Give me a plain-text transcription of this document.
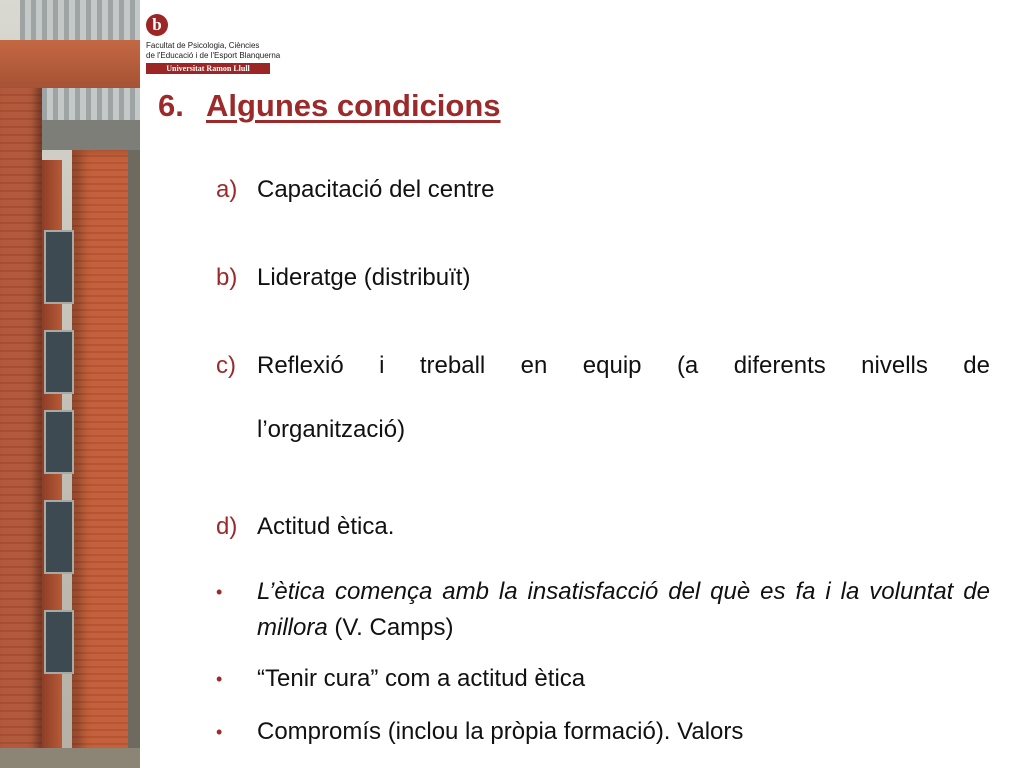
b
Facultat de Psicologia, Ciències
de l'Educació i de l'Esport Blanquerna
Universitat Ramon Llull
6. Algunes condicions
a) Capacitació del centre
b) Lideratge (distribuït)
c) Reflexió i treball en equip (a diferents nivells de
l’organització)
d) Actitud ètica.
• L’ètica comença amb la insatisfacció del què es fa i la voluntat de millora (V. Camps)
• “Tenir cura” com a actitud ètica
• Compromís (inclou la pròpia formació). Valors
